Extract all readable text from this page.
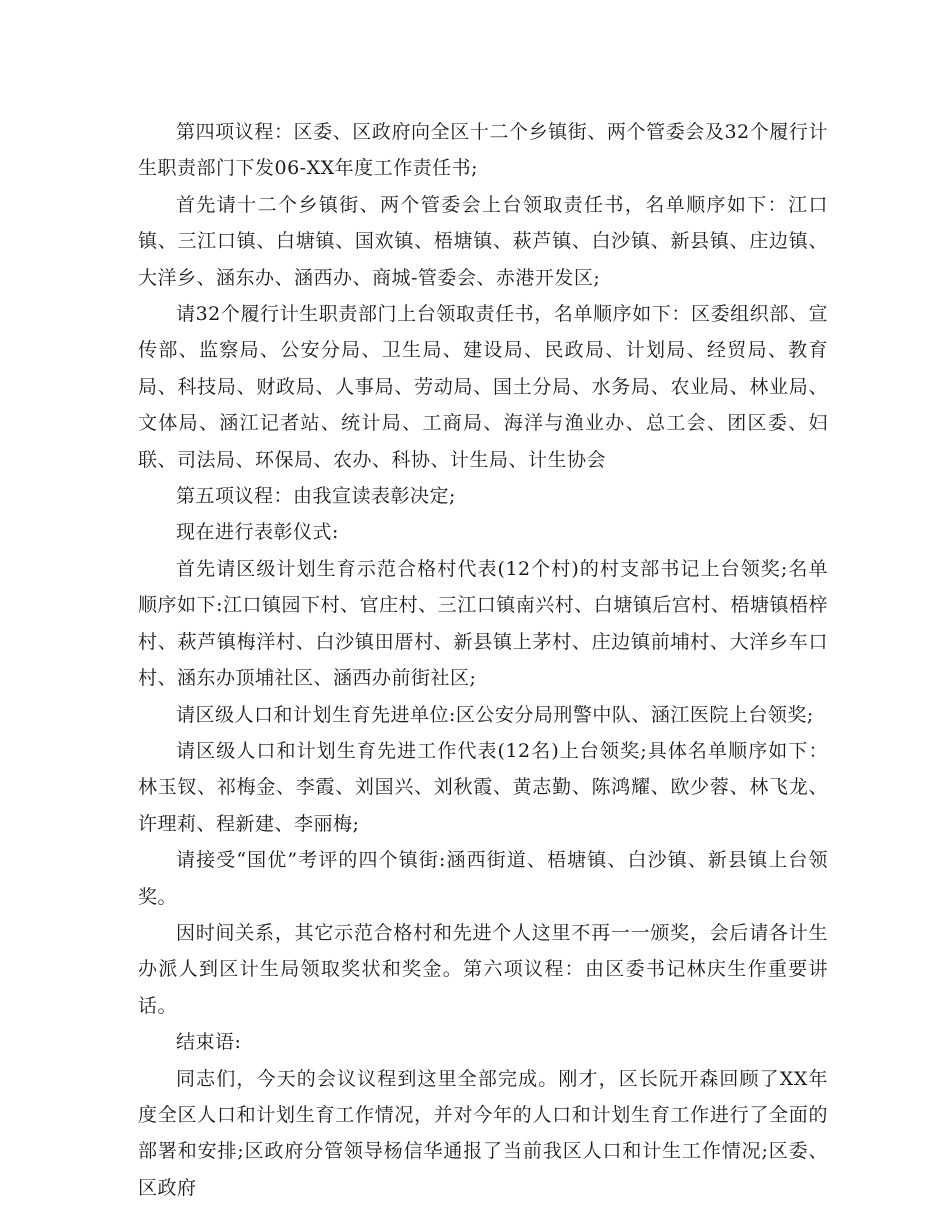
第四项议程：区委、区政府向全区十二个乡镇街、两个管委会及32个履行计生职责部门下发06-XX年度工作责任书;

首先请十二个乡镇街、两个管委会上台领取责任书，名单顺序如下：江口镇、三江口镇、白塘镇、国欢镇、梧塘镇、萩芦镇、白沙镇、新县镇、庄边镇、大洋乡、涵东办、涵西办、商城-管委会、赤港开发区;

请32个履行计生职责部门上台领取责任书，名单顺序如下：区委组织部、宣传部、监察局、公安分局、卫生局、建设局、民政局、计划局、经贸局、教育局、科技局、财政局、人事局、劳动局、国土分局、水务局、农业局、林业局、文体局、涵江记者站、统计局、工商局、海洋与渔业办、总工会、团区委、妇联、司法局、环保局、农办、科协、计生局、计生协会

第五项议程：由我宣读表彰决定;

现在进行表彰仪式:

首先请区级计划生育示范合格村代表(12个村)的村支部书记上台领奖;名单顺序如下:江口镇园下村、官庄村、三江口镇南兴村、白塘镇后宫村、梧塘镇梧梓村、萩芦镇梅洋村、白沙镇田厝村、新县镇上茅村、庄边镇前埔村、大洋乡车口村、涵东办顶埔社区、涵西办前街社区;

请区级人口和计划生育先进单位:区公安分局刑警中队、涵江医院上台领奖;

请区级人口和计划生育先进工作代表(12名)上台领奖;具体名单顺序如下：林玉钗、祁梅金、李霞、刘国兴、刘秋霞、黄志勤、陈鸿耀、欧少蓉、林飞龙、许理莉、程新建、李丽梅;

请接受“国优”考评的四个镇街:涵西街道、梧塘镇、白沙镇、新县镇上台领奖。

因时间关系，其它示范合格村和先进个人这里不再一一颁奖，会后请各计生办派人到区计生局领取奖状和奖金。第六项议程：由区委书记林庆生作重要讲话。

结束语:

同志们，今天的会议议程到这里全部完成。刚才，区长阮开森回顾了XX年度全区人口和计划生育工作情况，并对今年的人口和计划生育工作进行了全面的部署和安排;区政府分管领导杨信华通报了当前我区人口和计生工作情况;区委、区政府
